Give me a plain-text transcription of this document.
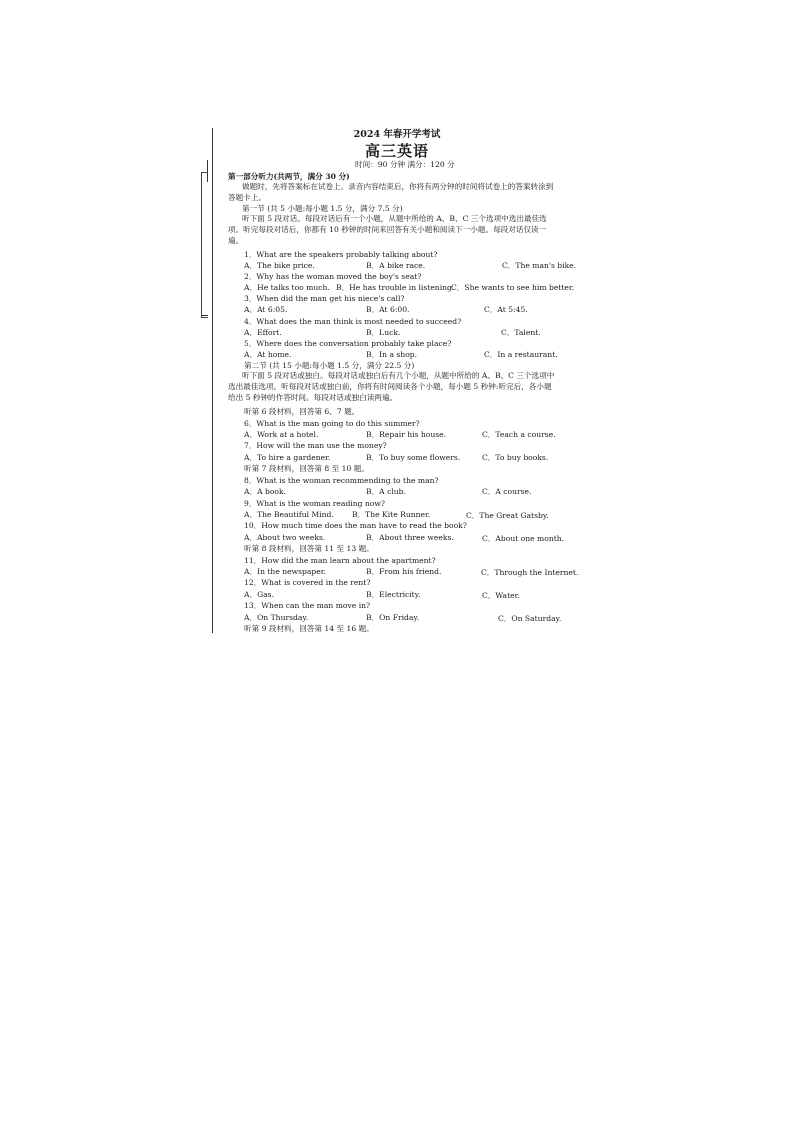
2024 年春开学考试
高三英语
时间：90 分钟 满分：120 分
第一部分听力(共两节，满分 30 分)
做题时，先将答案标在试卷上。录音内容结束后，你将有两分钟的时间将试卷上的答案转涂到答题卡上。
第一节 (共 5 小题:每小题 1.5 分，满分 7.5 分)
听下面 5 段对话。每段对话后有一个小题，从题中所给的 A、B、C 三个选项中选出最佳选项。听完每段对话后，你都有 10 秒钟的时间来回答有关小题和阅读下一小题。每段对话仅读一遍。
1．What are the speakers probably talking about?
A．The bike price.	B．A bike race.	C．The man's bike.
2．Why has the woman moved the boy's seat?
A．He talks too much. B．He has trouble in listening.
C．She wants to see him better.
3．When did the man get his niece's call?
A．At 6:05.	B．At 6:00.	C．At 5:45.
4．What does the man think is most needed to succeed?
A．Effort.	B．Luck.	C．Talent.
5．Where does the conversation probably take place?
A．At home.	B．In a shop.	C．In a restaurant.
第二节 (共 15 小题:每小题 1.5 分，满分 22.5 分)
听下面 5 段对话或独白。每段对话或独白后有几个小题，从题中所给的 A、B、C 三个选项中选出最佳选项。听每段对话或独白前，你将有时间阅读各个小题，每小题 5 秒钟:听完后，各小题给出 5 秒钟的作答时间。每段对话或独白读两遍。
听第 6 段材料，回答第 6、7 题。
6．What is the man going to do this summer?
A．Work at a hotel.	B．Repair his house.	C．Teach a course.
7．How will the man use the money?
A．To hire a gardener.	B．To buy some flowers.	C．To buy books.
听第 7 段材料，回答第 8 至 10 题。
8．What is the woman recommending to the man?
A．A book.	B．A club.	C．A course.
9．What is the woman reading now?
A．The Beautiful Mind. B．The Kite Runner.	C．The Great Gatsby.
10．How much time does the man have to read the book?
A．About two weeks.	B．About three weeks.	C．About one month.
听第 8 段材料，回答第 11 至 13 题。
11．How did the man learn about the apartment?
A．In the newspaper.	B．From his friend.	C．Through the Internet.
12．What is covered in the rent?
A．Gas.	B．Electricity.	C．Water.
13．When can the man move in?
A．On Thursday.	B．On Friday.	C．On Saturday.
听第 9 段材料，回答第 14 至 16 题。
